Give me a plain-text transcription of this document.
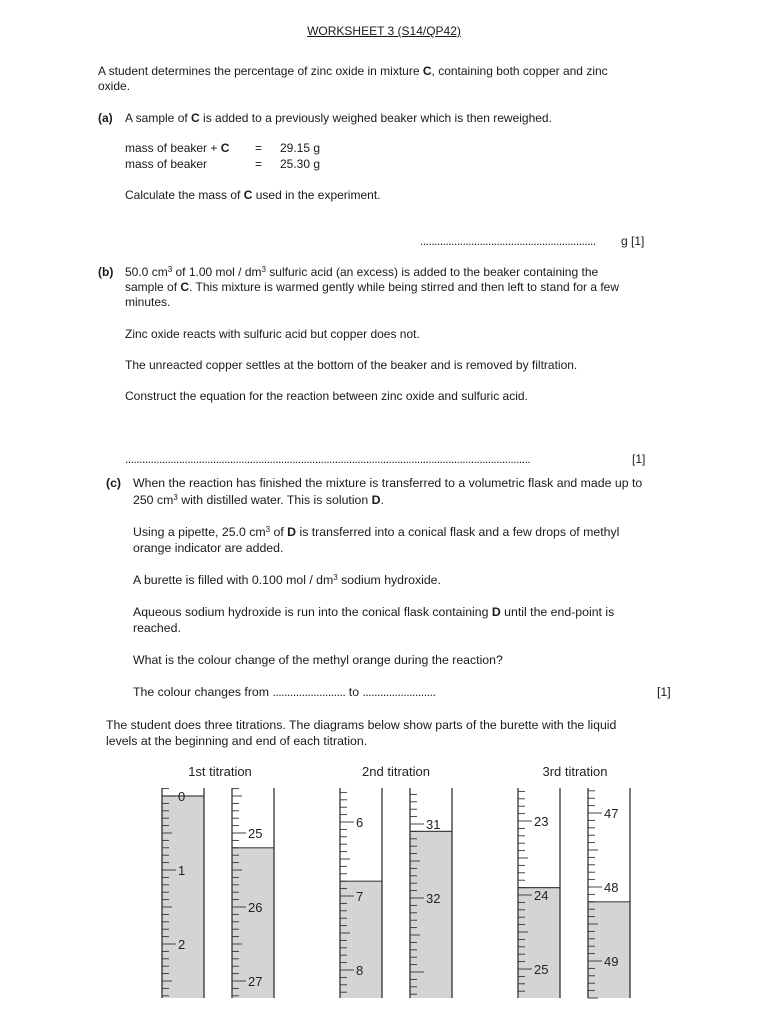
WORKSHEET 3 (S14/QP42)
A student determines the percentage of zinc oxide in mixture C, containing both copper and zinc
(a) A sample of C is added to a previously weighed beaker which is then reweighed.
mass of beaker + C = 29.15 g
mass of beaker	= 25.30 g
Calculate the mass of C used in the experiment.
.............................................................. g [1]
(b) 50.0 $cm^3$ of 1.00 mol / $dm^3$ sulfuric acid (an excess) is added to the beaker containing the
sample of C. This mixture is warmed gently while being stirred and then left to stand for a few
minutes.
Zinc oxide reacts with sulfuric acid but copper does not.
The unreacted copper settles at the bottom of the beaker and is removed by filtration.
Construct the equation for the reaction between zinc oxide and sulfuric acid.
...............................................................................................................................................	[1]
(c) When the reaction has finished the mixture is transferred to a volumetric flask and made up to
250 $cm^3$ with distilled water. This is solution D.
Using a pipette, 25.0 $cm^3$ of D is transferred into a conical flask and a few drops of methyl
orange indicator are added.
A burette is filled with 0.100 mol / $dm^3$ sodium hydroxide.
Aqueous sodium hydroxide is run into the conical flask containing D until the end-point is
reached.
What is the colour change of the methyl orange during the reaction?
The colour changes from ......................... to .........................	[1]
The student does three titrations. The diagrams below show parts of the burette with the liquid
levels at the beginning and end of each titration.
1st titration
0
1
2
25
26
27
2nd titration
6
7
8
31
32
3rd titration
23
24
25
47
48
49
oxide.
